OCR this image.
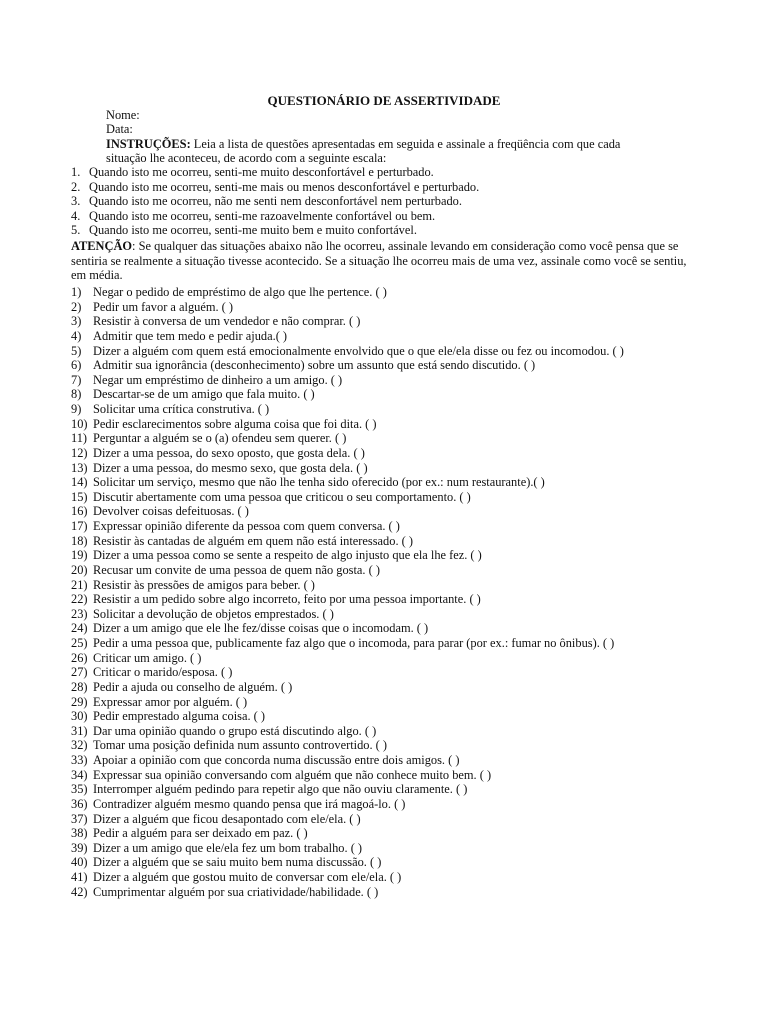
QUESTIONÁRIO DE ASSERTIVIDADE
Nome:
Data:
INSTRUÇÕES: Leia a lista de questões apresentadas em seguida e assinale a freqüência com que cada
situação lhe aconteceu, de acordo com a seguinte escala:
1. Quando isto me ocorreu, senti-me muito desconfortável e perturbado.
2. Quando isto me ocorreu, senti-me mais ou menos desconfortável e perturbado.
3. Quando isto me ocorreu, não me senti nem desconfortável nem perturbado.
4. Quando isto me ocorreu, senti-me razoavelmente confortável ou bem.
5. Quando isto me ocorreu, senti-me muito bem e muito confortável.
ATENÇÃO: Se qualquer das situações abaixo não lhe ocorreu, assinale levando em consideração como você pensa que se
sentiria se realmente a situação tivesse acontecido. Se a situação lhe ocorreu mais de uma vez, assinale como você se sentiu,
em média.
1) Negar o pedido de empréstimo de algo que lhe pertence. ( )
2) Pedir um favor a alguém. ( )
3) Resistir à conversa de um vendedor e não comprar. ( )
4) Admitir que tem medo e pedir ajuda.( )
5) Dizer a alguém com quem está emocionalmente envolvido que o que ele/ela disse ou fez ou incomodou. ( )
6) Admitir sua ignorância (desconhecimento) sobre um assunto que está sendo discutido. ( )
7) Negar um empréstimo de dinheiro a um amigo. ( )
8) Descartar-se de um amigo que fala muito. ( )
9) Solicitar uma crítica construtiva. ( )
10) Pedir esclarecimentos sobre alguma coisa que foi dita. ( )
11) Perguntar a alguém se o (a) ofendeu sem querer. ( )
12) Dizer a uma pessoa, do sexo oposto, que gosta dela. ( )
13) Dizer a uma pessoa, do mesmo sexo, que gosta dela. ( )
14) Solicitar um serviço, mesmo que não lhe tenha sido oferecido (por ex.: num restaurante).( )
15) Discutir abertamente com uma pessoa que criticou o seu comportamento. ( )
16) Devolver coisas defeituosas. ( )
17) Expressar opinião diferente da pessoa com quem conversa. ( )
18) Resistir às cantadas de alguém em quem não está interessado. ( )
19) Dizer a uma pessoa como se sente a respeito de algo injusto que ela lhe fez. ( )
20) Recusar um convite de uma pessoa de quem não gosta. ( )
21) Resistir às pressões de amigos para beber. ( )
22) Resistir a um pedido sobre algo incorreto, feito por uma pessoa importante. ( )
23) Solicitar a devolução de objetos emprestados. ( )
24) Dizer a um amigo que ele lhe fez/disse coisas que o incomodam. ( )
25) Pedir a uma pessoa que, publicamente faz algo que o incomoda, para parar (por ex.: fumar no ônibus). ( )
26) Criticar um amigo. ( )
27) Criticar o marido/esposa. ( )
28) Pedir a ajuda ou conselho de alguém. ( )
29) Expressar amor por alguém. ( )
30) Pedir emprestado alguma coisa. ( )
31) Dar uma opinião quando o grupo está discutindo algo. ( )
32) Tomar uma posição definida num assunto controvertido. ( )
33) Apoiar a opinião com que concorda numa discussão entre dois amigos. ( )
34) Expressar sua opinião conversando com alguém que não conhece muito bem. ( )
35) Interromper alguém pedindo para repetir algo que não ouviu claramente. ( )
36) Contradizer alguém mesmo quando pensa que irá magoá-lo. ( )
37) Dizer a alguém que ficou desapontado com ele/ela. ( )
38) Pedir a alguém para ser deixado em paz. ( )
39) Dizer a um amigo que ele/ela fez um bom trabalho. ( )
40) Dizer a alguém que se saiu muito bem numa discussão. ( )
41) Dizer a alguém que gostou muito de conversar com ele/ela. ( )
42) Cumprimentar alguém por sua criatividade/habilidade. ( )
